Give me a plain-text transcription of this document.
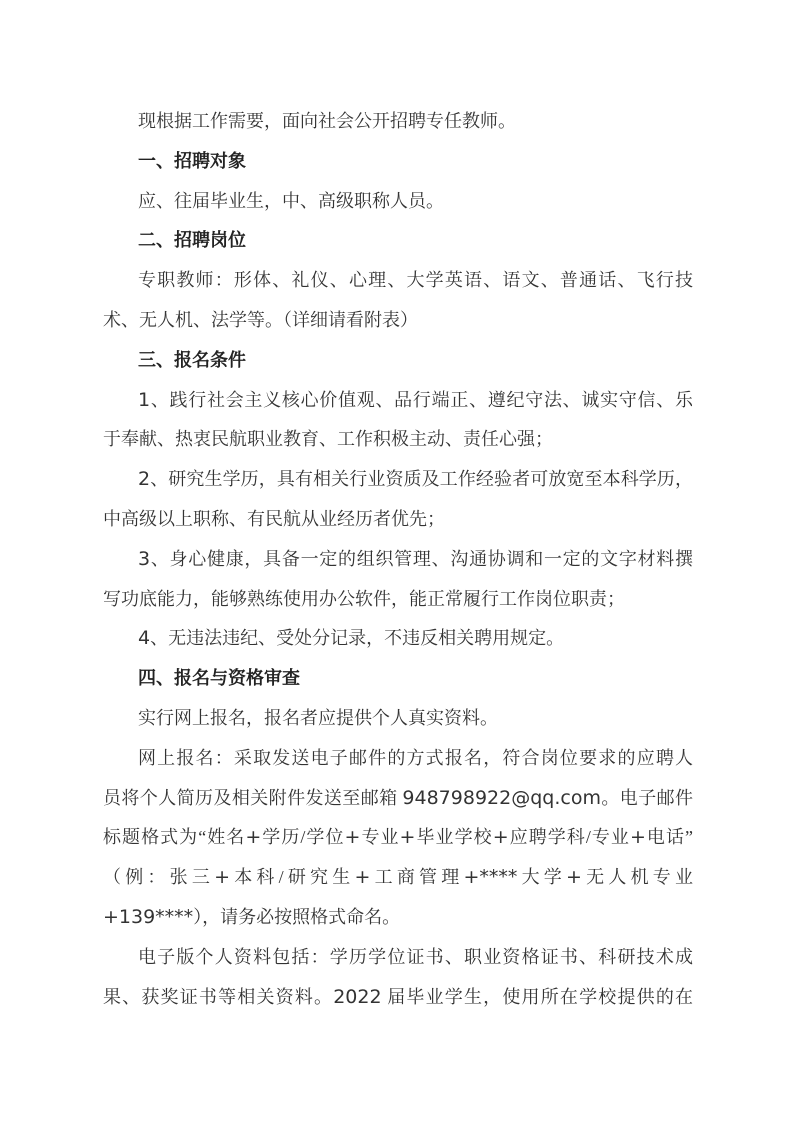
现根据工作需要，面向社会公开招聘专任教师。
一、招聘对象
应、往届毕业生，中、高级职称人员。
二、招聘岗位
专职教师：形体、礼仪、心理、大学英语、语文、普通话、飞行技
术、无人机、法学等。（详细请看附表）
三、报名条件
1、践行社会主义核心价值观、品行端正、遵纪守法、诚实守信、乐
于奉献、热衷民航职业教育、工作积极主动、责任心强；
2、研究生学历，具有相关行业资质及工作经验者可放宽至本科学历，
中高级以上职称、有民航从业经历者优先；
3、身心健康，具备一定的组织管理、沟通协调和一定的文字材料撰
写功底能力，能够熟练使用办公软件，能正常履行工作岗位职责；
4、无违法违纪、受处分记录，不违反相关聘用规定。
四、报名与资格审查
实行网上报名，报名者应提供个人真实资料。
网上报名：采取发送电子邮件的方式报名，符合岗位要求的应聘人
员将个人简历及相关附件发送至邮箱 948798922@qq.com。电子邮件
标题格式为“姓名+学历/学位+专业+毕业学校+应聘学科/专业+电话”
（例：张三+本科/研究生+工商管理+****大学+无人机专业
+139****），请务必按照格式命名。
电子版个人资料包括：学历学位证书、职业资格证书、科研技术成
果、获奖证书等相关资料。2022 届毕业学生，使用所在学校提供的在
